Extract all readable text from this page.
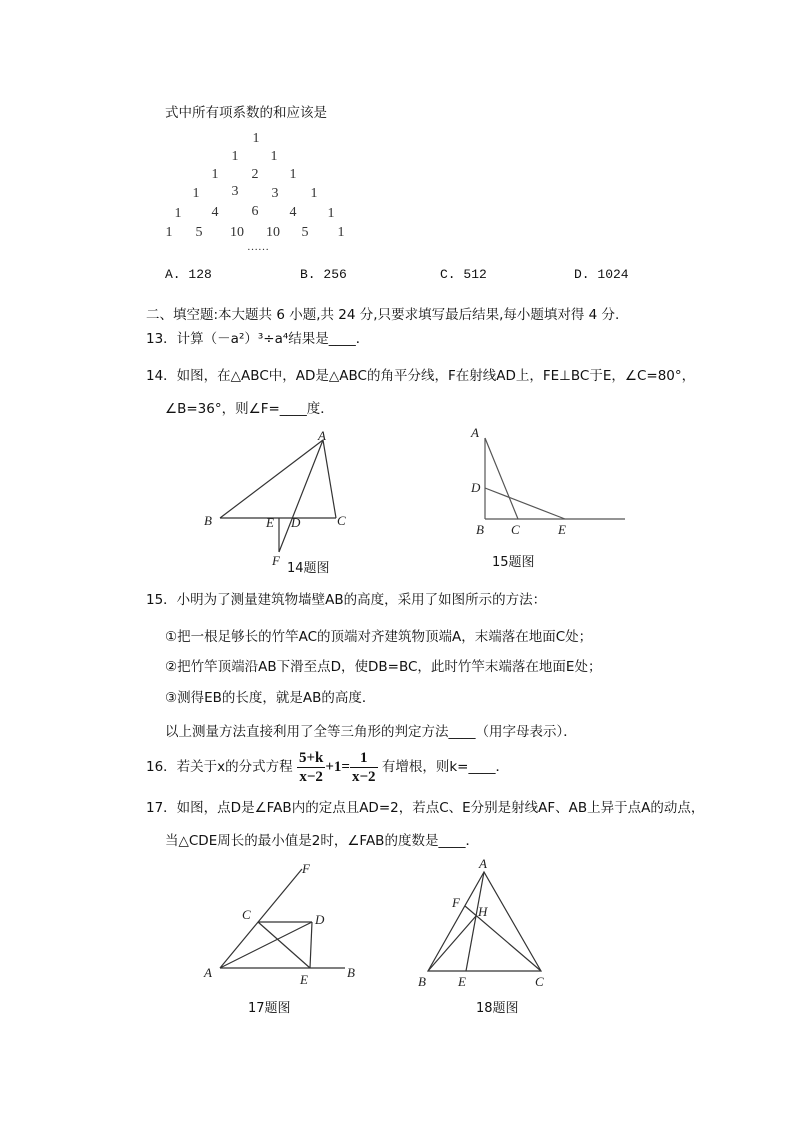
式中所有项系数的和应该是
1
1 1
1 2 1
1 3 3 1
1 4 6 4 1
1 5 10 10 5 1
……
A. 128	B. 256	C. 512	D. 1024
二、填空题:本大题共 6 小题,共 24 分,只要求填写最后结果,每小题填对得 4 分.
13．计算（－a²）³÷a⁴结果是____．
14．如图，在△ABC中，AD是△ABC的角平分线，F在射线AD上，FE⊥BC于E，∠C=80°，
∠B=36°，则∠F=____度．
A
B	C
D
E
F
A
D
B C	E
F
C	D
A	E	B
A
F
H
B E	C
14题图	15题图
15．小明为了测量建筑物墙壁AB的高度，采用了如图所示的方法：
①把一根足够长的竹竿AC的顶端对齐建筑物顶端A，末端落在地面C处；
②把竹竿顶端沿AB下滑至点D，使DB=BC，此时竹竿末端落在地面E处；
③测得EB的长度，就是AB的高度．
以上测量方法直接利用了全等三角形的判定方法____（用字母表示）．
16．若关于x的分式方程 $\frac{5+k}{x-2} +1= \frac{1}{x-2}$ 有增根，则k=____．
17．如图，点D是∠FAB内的定点且AD=2，若点C、E分别是射线AF、AB上异于点A的动点，
当△CDE周长的最小值是2时，∠FAB的度数是____．
17题图	18题图
